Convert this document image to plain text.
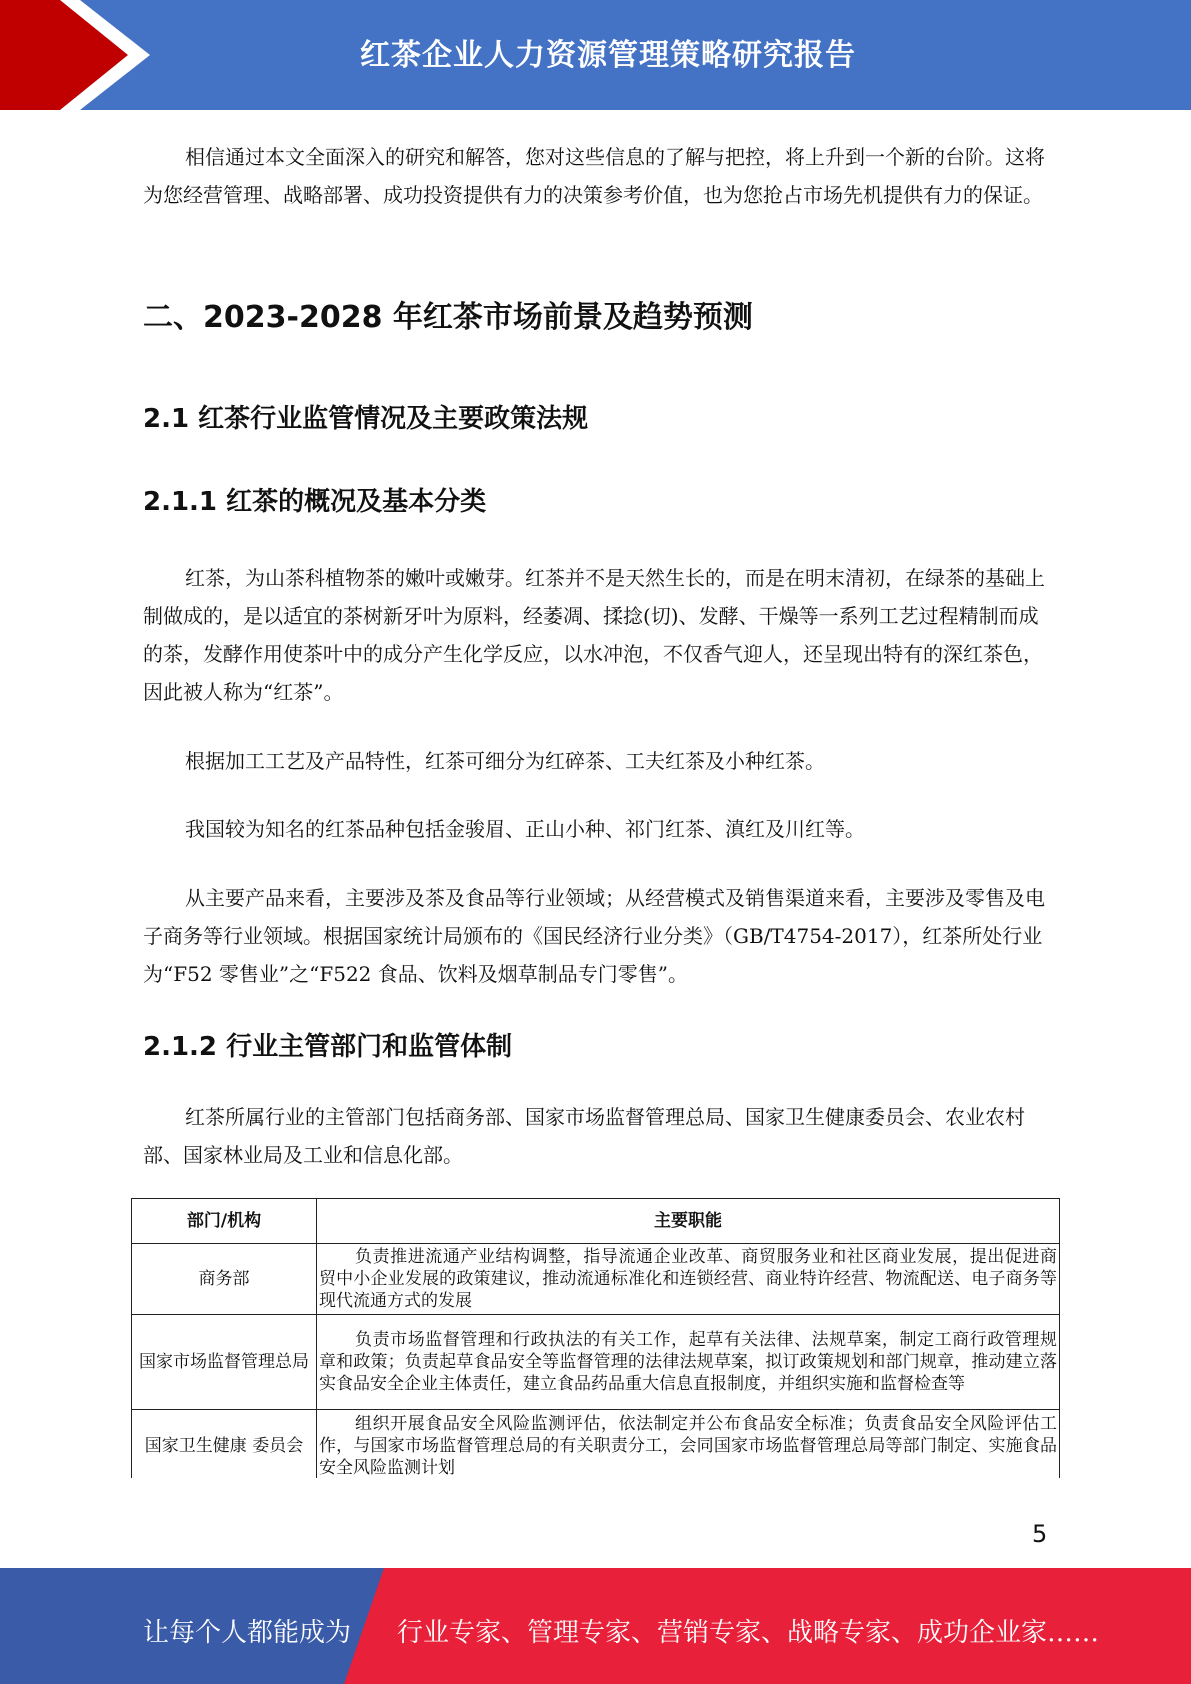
红茶企业人力资源管理策略研究报告

相信通过本文全面深入的研究和解答，您对这些信息的了解与把控，将上升到一个新的台阶。这将为您经营管理、战略部署、成功投资提供有力的决策参考价值，也为您抢占市场先机提供有力的保证。

二、2023-2028 年红茶市场前景及趋势预测
2.1 红茶行业监管情况及主要政策法规
2.1.1 红茶的概况及基本分类

红茶，为山茶科植物茶的嫩叶或嫩芽。红茶并不是天然生长的，而是在明末清初，在绿茶的基础上制做成的，是以适宜的茶树新牙叶为原料，经萎凋、揉捻(切)、发酵、干燥等一系列工艺过程精制而成的茶，发酵作用使茶叶中的成分产生化学反应，以水冲泡，不仅香气迎人，还呈现出特有的深红茶色，因此被人称为“红茶”。

根据加工工艺及产品特性，红茶可细分为红碎茶、工夫红茶及小种红茶。

我国较为知名的红茶品种包括金骏眉、正山小种、祁门红茶、滇红及川红等。

从主要产品来看，主要涉及茶及食品等行业领域；从经营模式及销售渠道来看，主要涉及零售及电子商务等行业领域。根据国家统计局颁布的《国民经济行业分类》（GB/T4754-2017），红茶所处行业为“F52 零售业”之“F522 食品、饮料及烟草制品专门零售”。

2.1.2 行业主管部门和监管体制

红茶所属行业的主管部门包括商务部、国家市场监督管理总局、国家卫生健康委员会、农业农村部、国家林业局及工业和信息化部。

部门/机构	主要职能
商务部	负责推进流通产业结构调整，指导流通企业改革、商贸服务业和社区商业发展，提出促进商 贸中小企业发展的政策建议，推动流通标准化和连锁经营、商业特许经营、物流配送、电子商务等现代流通方式的发展
国家市场监督管理总局	负责市场监督管理和行政执法的有关工作，起草有关法律、法规草案，制定工商行政管理规 章和政策；负责起草食品安全等监督管理的法律法规草案，拟订政策规划和部门规章，推动建立落实食品安全企业主体责任，建立食品药品重大信息直报制度，并组织实施和监督检查等
国家卫生健康 委员会	组织开展食品安全风险监测评估，依法制定并公布食品安全标准；负责食品安全风险评估工 作，与国家市场监督管理总局的有关职责分工，会同国家市场监督管理总局等部门制定、实施食品安全风险监测计划
5
让每个人都能成为 行业专家、管理专家、营销专家、战略专家、成功企业家……
